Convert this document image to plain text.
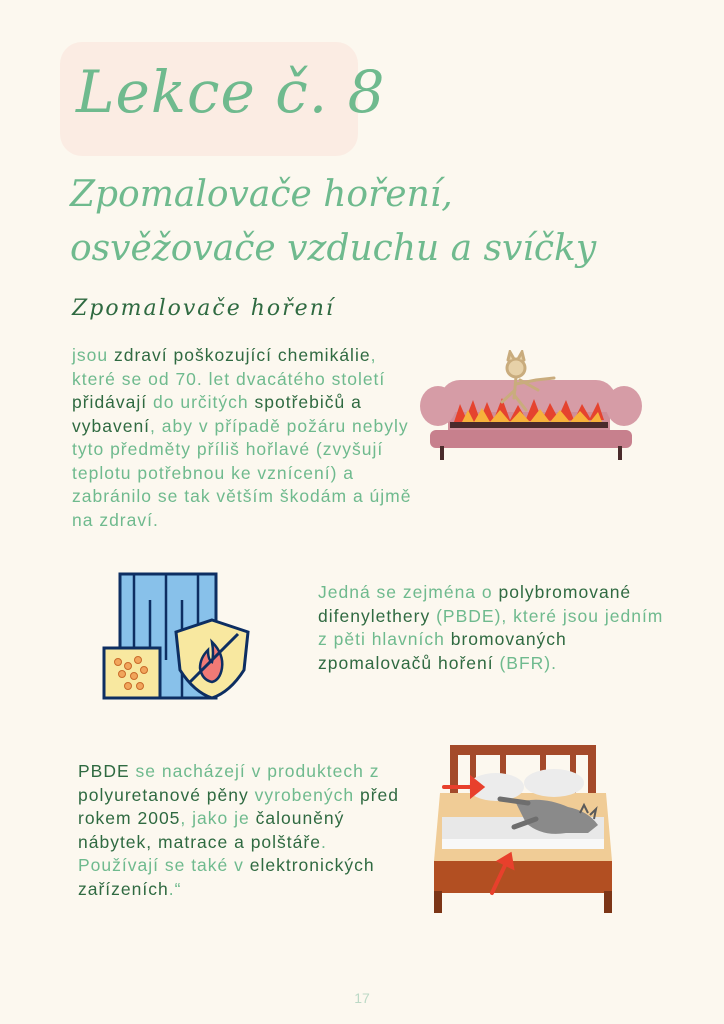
Lekce č. 8
Zpomalovače hoření, osvěžovače vzduchu a svíčky
Zpomalovače hoření
jsou zdraví poškozující chemikálie, které se od 70. let dvacátého století přidávají do určitých spotřebičů a vybavení, aby v případě požáru nebyly tyto předměty příliš hořlavé (zvyšují teplotu potřebnou ke vznícení) a zabránilo se tak větším škodám a újmě na zdraví.
Jedná se zejména o polybromované difenylethery (PBDE), které jsou jedním z pěti hlavních bromovaných zpomalovačů hoření (BFR).
PBDE se nacházejí v produktech z polyuretanové pěny vyrobených před rokem 2005, jako je čalouněný nábytek, matrace a polštáře. Používají se také v elektronických zařízeních.“
17
